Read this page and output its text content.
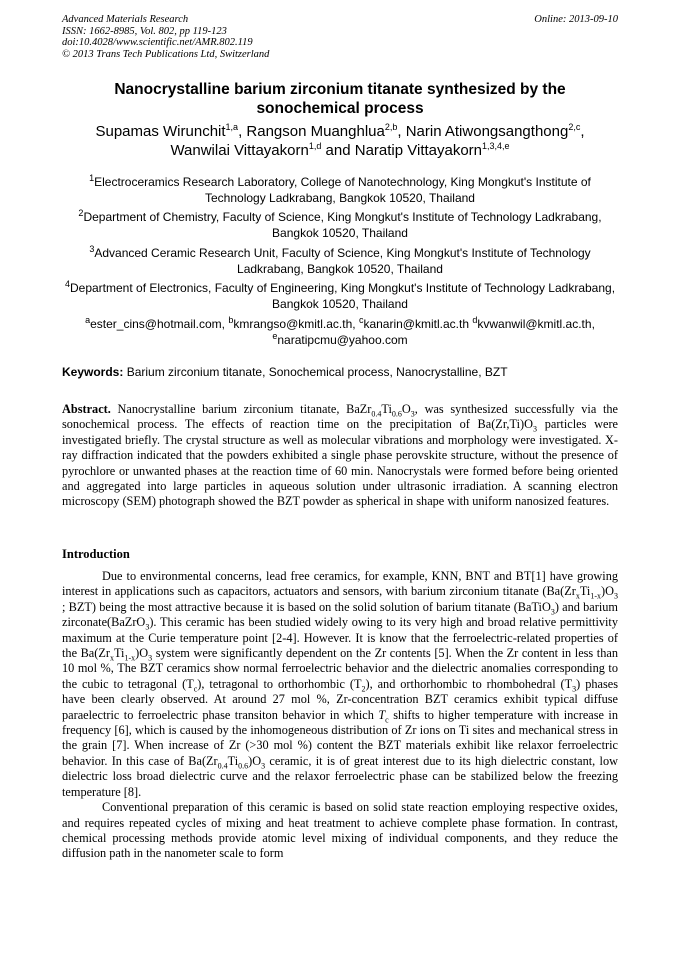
Advanced Materials Research
ISSN: 1662-8985, Vol. 802, pp 119-123
doi:10.4028/www.scientific.net/AMR.802.119
© 2013 Trans Tech Publications Ltd, Switzerland
Online: 2013-09-10
Nanocrystalline barium zirconium titanate synthesized by the sonochemical process
Supamas Wirunchit$^{1,a}$, Rangson Muanghlua$^{2,b}$, Narin Atiwongsangthong$^{2,c}$,
Wanwilai Vittayakorn$^{1,d}$ and Naratip Vittayakorn$^{1,3,4,e}$
$^1$Electroceramics Research Laboratory, College of Nanotechnology, King Mongkut's Institute of Technology Ladkrabang, Bangkok 10520, Thailand
$^2$Department of Chemistry, Faculty of Science, King Mongkut's Institute of Technology Ladkrabang, Bangkok 10520, Thailand
$^3$Advanced Ceramic Research Unit, Faculty of Science, King Mongkut's Institute of Technology Ladkrabang, Bangkok 10520, Thailand
$^4$Department of Electronics, Faculty of Engineering, King Mongkut's Institute of Technology Ladkrabang, Bangkok 10520, Thailand
$^a$ester_cins@hotmail.com, $^b$kmrangso@kmitl.ac.th, $^c$kanarin@kmitl.ac.th $^d$kvwanwil@kmitl.ac.th,
$^e$naratipcmu@yahoo.com
Keywords: Barium zirconium titanate, Sonochemical process, Nanocrystalline, BZT
Abstract. Nanocrystalline barium zirconium titanate, $BaZr_{0.4}Ti_{0.6}O_3$, was synthesized successfully via the sonochemical process. The effects of reaction time on the precipitation of $Ba(Zr,Ti)O_3$ particles were investigated briefly. The crystal structure as well as molecular vibrations and morphology were investigated. X-ray diffraction indicated that the powders exhibited a single phase perovskite structure, without the presence of pyrochlore or unwanted phases at the reaction time of 60 min. Nanocrystals were formed before being oriented and aggregated into large particles in aqueous solution under ultrasonic irradiation. A scanning electron microscopy (SEM) photograph showed the BZT powder as spherical in shape with uniform nanosized features.
Introduction

Due to environmental concerns, lead free ceramics, for example, KNN, BNT and BT[1] have growing interest in applications such as capacitors, actuators and sensors, with barium zirconium titanate ($Ba(Zr_xTi_{1-x})O_3$ ; BZT) being the most attractive because it is based on the solid solution of barium titanate (BaTiO$_3$) and barium zirconate(BaZrO$_3$). This ceramic has been studied widely owing to its very high and broad relative permittivity maximum at the Curie temperature point [2-4]. However. It is know that the ferroelectric-related properties of the $Ba(Zr_xTi_{1-x})O_3$ system were significantly dependent on the Zr contents [5]. When the Zr content in less than 10 mol %, The BZT ceramics show normal ferroelectric behavior and the dielectric anomalies corresponding to the cubic to tetragonal $(T_c)$, tetragonal to orthorhombic $(T_2)$, and orthorhombic to rhombohedral $(T_3)$ phases have been clearly observed. At around 27 mol %, Zr-concentration BZT ceramics exhibit typical diffuse paraelectric to ferroelectric phase transiton behavior in which $T_c$ shifts to higher temperature with increase in frequency [6], which is caused by the inhomogeneous distribution of Zr ions on Ti sites and mechanical stress in the grain [7]. When increase of Zr (>30 mol %) content the BZT materials exhibit like relaxor ferroelectric behavior. In this case of $Ba(Zr_{0.4}Ti_{0.6})O_3$ ceramic, it is of great interest due to its high dielectric constant, low dielectric loss broad dielectric curve and the relaxor ferroelectric phase can be stabilized below the freezing temperature [8].

Conventional preparation of this ceramic is based on solid state reaction employing respective oxides, and requires repeated cycles of mixing and heat treatment to achieve complete phase formation. In contrast, chemical processing methods provide atomic level mixing of individual components, and they reduce the diffusion path in the nanometer scale to form
